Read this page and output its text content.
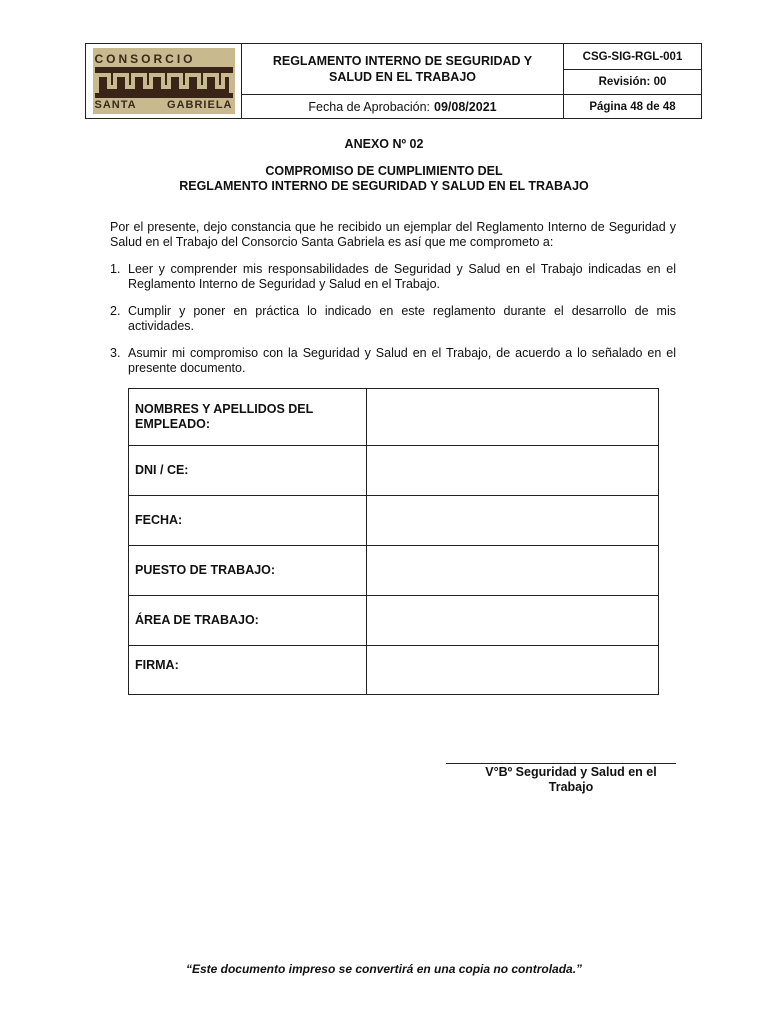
CONSORCIO
SANTA GABRIELA
REGLAMENTO INTERNO DE SEGURIDAD Y SALUD EN EL TRABAJO
Fecha de Aprobación: 09/08/2021
CSG-SIG-RGL-001
Revisión: 00
Página 48 de 48
ANEXO Nº 02
COMPROMISO DE CUMPLIMIENTO DEL
REGLAMENTO INTERNO DE SEGURIDAD Y SALUD EN EL TRABAJO
Por el presente, dejo constancia que he recibido un ejemplar del Reglamento Interno de Seguridad y Salud en el Trabajo del Consorcio Santa Gabriela es así que me comprometo a:
1. Leer y comprender mis responsabilidades de Seguridad y Salud en el Trabajo indicadas en el Reglamento Interno de Seguridad y Salud en el Trabajo.
2. Cumplir y poner en práctica lo indicado en este reglamento durante el desarrollo de mis actividades.
3. Asumir mi compromiso con la Seguridad y Salud en el Trabajo, de acuerdo a lo señalado en el presente documento.
NOMBRES Y APELLIDOS DEL EMPLEADO:	
DNI / CE:	
FECHA:	
PUESTO DE TRABAJO:	
ÁREA DE TRABAJO:	
FIRMA:	
V°Bº Seguridad y Salud en el Trabajo
“Este documento impreso se convertirá en una copia no controlada.”
